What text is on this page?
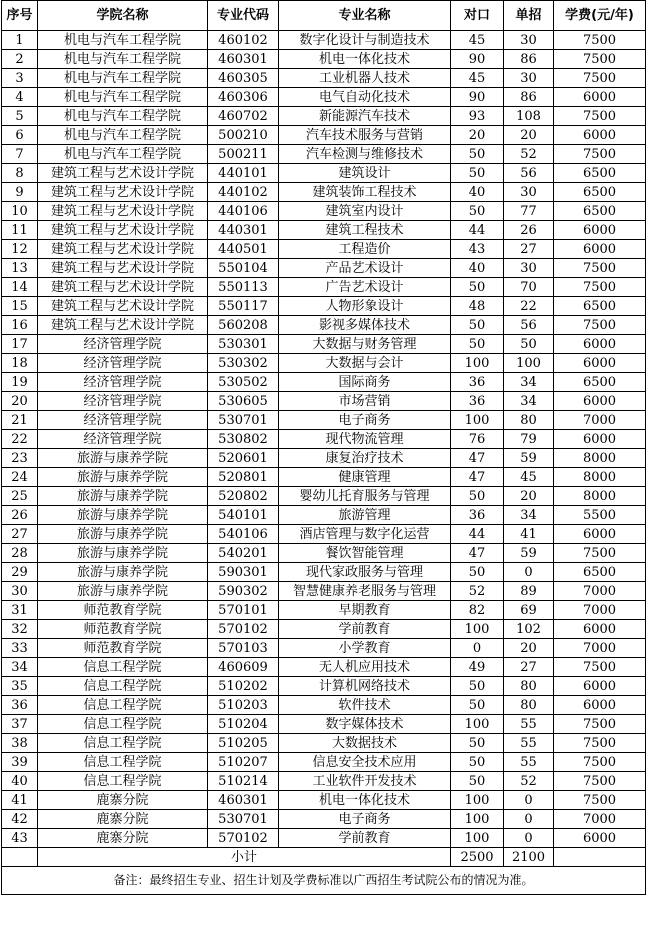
序号	学院名称	专业代码	专业名称	对口	单招	学费(元/年)
1	机电与汽车工程学院	460102	数字化设计与制造技术	45	30	7500
2	机电与汽车工程学院	460301	机电一体化技术	90	86	7500
3	机电与汽车工程学院	460305	工业机器人技术	45	30	7500
4	机电与汽车工程学院	460306	电气自动化技术	90	86	6000
5	机电与汽车工程学院	460702	新能源汽车技术	93	108	7500
6	机电与汽车工程学院	500210	汽车技术服务与营销	20	20	6000
7	机电与汽车工程学院	500211	汽车检测与维修技术	50	52	7500
8	建筑工程与艺术设计学院	440101	建筑设计	50	56	6500
9	建筑工程与艺术设计学院	440102	建筑装饰工程技术	40	30	6500
10	建筑工程与艺术设计学院	440106	建筑室内设计	50	77	6500
11	建筑工程与艺术设计学院	440301	建筑工程技术	44	26	6000
12	建筑工程与艺术设计学院	440501	工程造价	43	27	6000
13	建筑工程与艺术设计学院	550104	产品艺术设计	40	30	7500
14	建筑工程与艺术设计学院	550113	广告艺术设计	50	70	7500
15	建筑工程与艺术设计学院	550117	人物形象设计	48	22	6500
16	建筑工程与艺术设计学院	560208	影视多媒体技术	50	56	7500
17	经济管理学院	530301	大数据与财务管理	50	50	6000
18	经济管理学院	530302	大数据与会计	100	100	6000
19	经济管理学院	530502	国际商务	36	34	6500
20	经济管理学院	530605	市场营销	36	34	6000
21	经济管理学院	530701	电子商务	100	80	7000
22	经济管理学院	530802	现代物流管理	76	79	6000
23	旅游与康养学院	520601	康复治疗技术	47	59	8000
24	旅游与康养学院	520801	健康管理	47	45	8000
25	旅游与康养学院	520802	婴幼儿托育服务与管理	50	20	8000
26	旅游与康养学院	540101	旅游管理	36	34	5500
27	旅游与康养学院	540106	酒店管理与数字化运营	44	41	6000
28	旅游与康养学院	540201	餐饮智能管理	47	59	7500
29	旅游与康养学院	590301	现代家政服务与管理	50	0	6500
30	旅游与康养学院	590302	智慧健康养老服务与管理	52	89	7000
31	师范教育学院	570101	早期教育	82	69	7000
32	师范教育学院	570102	学前教育	100	102	6000
33	师范教育学院	570103	小学教育	0	20	7000
34	信息工程学院	460609	无人机应用技术	49	27	7500
35	信息工程学院	510202	计算机网络技术	50	80	6000
36	信息工程学院	510203	软件技术	50	80	6000
37	信息工程学院	510204	数字媒体技术	100	55	7500
38	信息工程学院	510205	大数据技术	50	55	7500
39	信息工程学院	510207	信息安全技术应用	50	55	7500
40	信息工程学院	510214	工业软件开发技术	50	52	7500
41	鹿寨分院	460301	机电一体化技术	100	0	7500
42	鹿寨分院	530701	电子商务	100	0	7000
43	鹿寨分院	570102	学前教育	100	0	6000
	小计			2500	2100	
备注：最终招生专业、招生计划及学费标准以广西招生考试院公布的情况为准。						
